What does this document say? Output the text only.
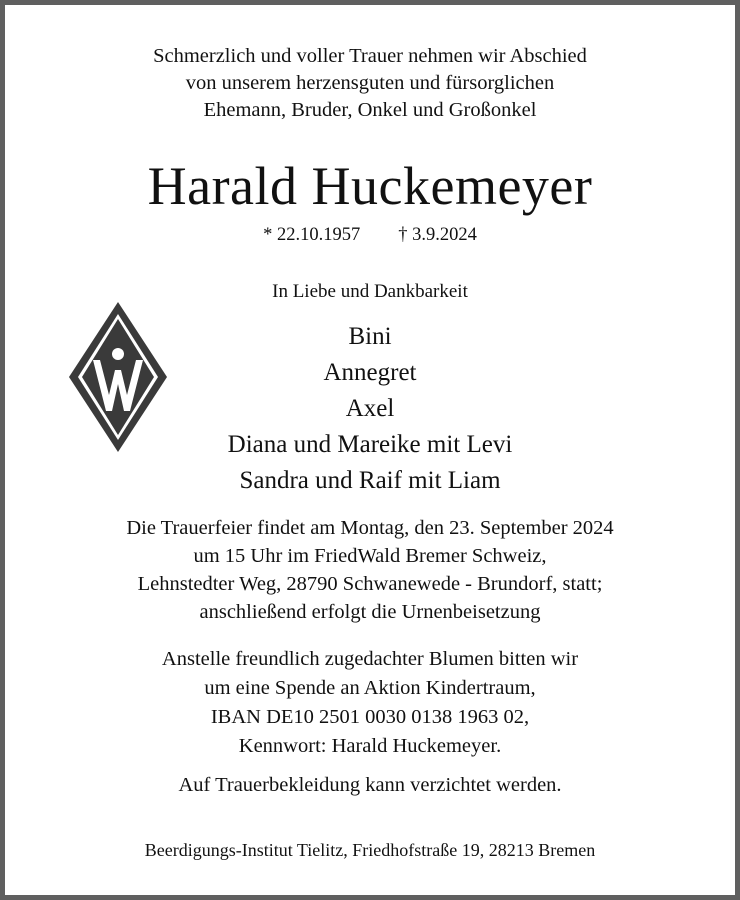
Schmerzlich und voller Trauer nehmen wir Abschied
von unserem herzensguten und fürsorglichen
Ehemann, Bruder, Onkel und Großonkel
Harald Huckemeyer
* 22.10.1957 † 3.9.2024
In Liebe und Dankbarkeit
Bini
Annegret
Axel
Diana und Mareike mit Levi
Sandra und Raif mit Liam
Die Trauerfeier findet am Montag, den 23. September 2024
um 15 Uhr im FriedWald Bremer Schweiz,
Lehnstedter Weg, 28790 Schwanewede - Brundorf, statt;
anschließend erfolgt die Urnenbeisetzung
Anstelle freundlich zugedachter Blumen bitten wir
um eine Spende an Aktion Kindertraum,
IBAN DE10 2501 0030 0138 1963 02,
Kennwort: Harald Huckemeyer.
Auf Trauerbekleidung kann verzichtet werden.
Beerdigungs-Institut Tielitz, Friedhofstraße 19, 28213 Bremen
